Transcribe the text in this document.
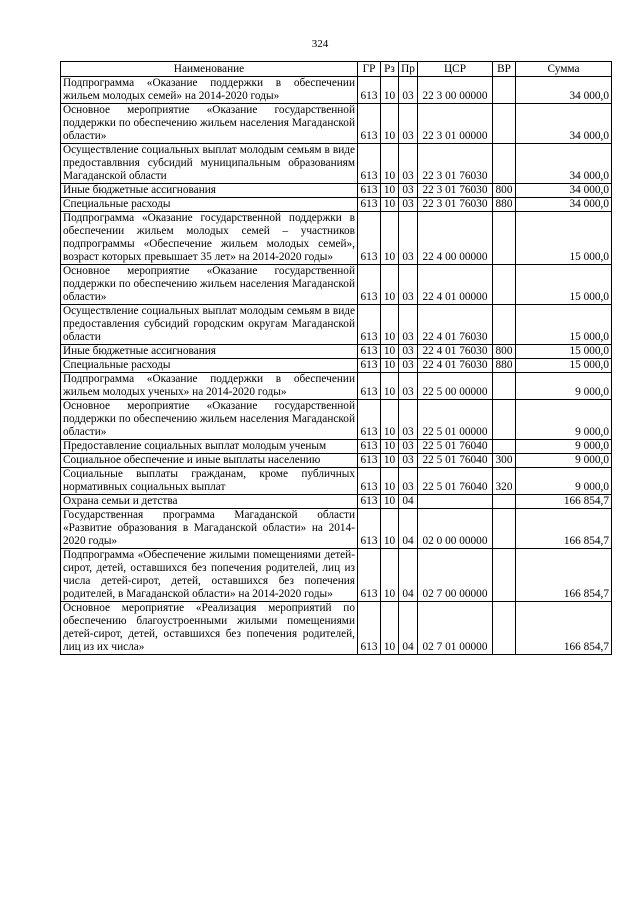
324
Наименование	ГР	Рз	Пр	ЦСР	ВР	Сумма
Подпрограмма «Оказание поддержки в обеспечении жильем молодых семей» на 2014-2020 годы»	613	10	03	22 3 00 00000		34 000,0
Основное мероприятие «Оказание государственной поддержки по обеспечению жильем населения Магаданской области»	613	10	03	22 3 01 00000		34 000,0
Осуществление социальных выплат молодым семьям в виде предоставлвния субсидий муниципальным образованиям Магаданской области	613	10	03	22 3 01 76030		34 000,0
Иные бюджетные ассигнования	613	10	03	22 3 01 76030	800	34 000,0
Специальные расходы	613	10	03	22 3 01 76030	880	34 000,0
Подпрограмма «Оказание государственной поддержки в обеспечении жильем молодых семей – участников подпрограммы «Обеспечение жильем молодых семей», возраст которых превышает 35 лет» на 2014-2020 годы»	613	10	03	22 4 00 00000		15 000,0
Основное мероприятие «Оказание государственной поддержки по обеспечению жильем населения Магаданской области»	613	10	03	22 4 01 00000		15 000,0
Осуществление социальных выплат молодым семьям в виде предоставления субсидий городским округам Магаданской области	613	10	03	22 4 01 76030		15 000,0
Иные бюджетные ассигнования	613	10	03	22 4 01 76030	800	15 000,0
Специальные расходы	613	10	03	22 4 01 76030	880	15 000,0
Подпрограмма «Оказание поддержки в обеспечении жильем молодых ученых» на 2014-2020 годы»	613	10	03	22 5 00 00000		9 000,0
Основное мероприятие «Оказание государственной поддержки по обеспечению жильем населения Магаданской области»	613	10	03	22 5 01 00000		9 000,0
Предоставление социальных выплат молодым ученым	613	10	03	22 5 01 76040		9 000,0
Социальное обеспечение и иные выплаты населению	613	10	03	22 5 01 76040	300	9 000,0
Социальные выплаты гражданам, кроме публичных нормативных социальных выплат	613	10	03	22 5 01 76040	320	9 000,0
Охрана семьи и детства	613	10	04			166 854,7
Государственная программа Магаданской области «Развитие образования в Магаданской области» на 2014-2020 годы»	613	10	04	02 0 00 00000		166 854,7
Подпрограмма «Обеспечение жилыми помещениями детей-сирот, детей, оставшихся без попечения родителей, лиц из числа детей-сирот, детей, оставшихся без попечения родителей, в Магаданской области» на 2014-2020 годы»	613	10	04	02 7 00 00000		166 854,7
Основное мероприятие «Реализация мероприятий по обеспечению благоустроенными жилыми помещениями детей-сирот, детей, оставшихся без попечения родителей, лиц из их числа»	613	10	04	02 7 01 00000		166 854,7
